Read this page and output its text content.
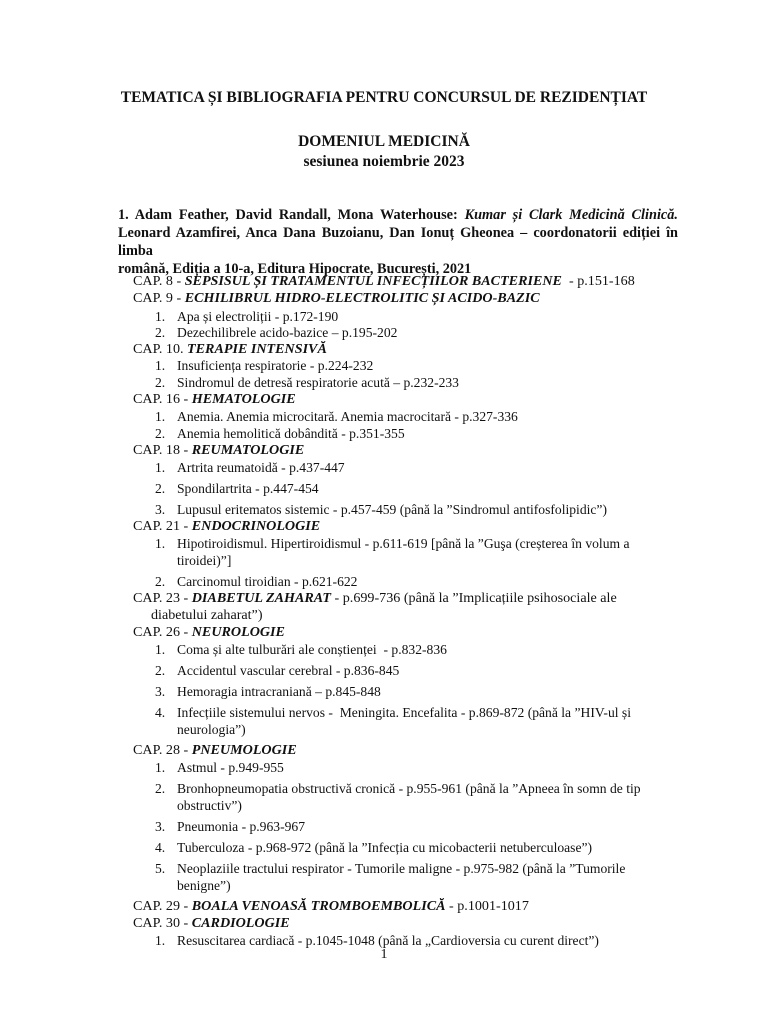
TEMATICA ȘI BIBLIOGRAFIA PENTRU CONCURSUL DE REZIDENȚIAT
DOMENIUL MEDICINĂ
sesiunea noiembrie 2023
1. Adam Feather, David Randall, Mona Waterhouse: Kumar și Clark Medicină Clinică.
Leonard Azamfirei, Anca Dana Buzoianu, Dan Ionuț Gheonea – coordonatorii ediției în limba
română, Ediția a 10-a, Editura Hipocrate, București, 2021
CAP. 8 - SEPSISUL ȘI TRATAMENTUL INFECȚIILOR BACTERIENE  - p.151-168
CAP. 9 - ECHILIBRUL HIDRO-ELECTROLITIC ȘI ACIDO-BAZIC
1. Apa și electroliții - p.172-190
2. Dezechilibrele acido-bazice – p.195-202
CAP. 10. TERAPIE INTENSIVĂ
1. Insuficiența respiratorie - p.224-232
2. Sindromul de detresă respiratorie acută – p.232-233
CAP. 16 - HEMATOLOGIE
1. Anemia. Anemia microcitară. Anemia macrocitară - p.327-336
2. Anemia hemolitică dobândită - p.351-355
CAP. 18 - REUMATOLOGIE
1. Artrita reumatoidă - p.437-447
2. Spondilartrita - p.447-454
3. Lupusul eritematos sistemic - p.457-459 (până la ”Sindromul antifosfolipidic”)
CAP. 21 - ENDOCRINOLOGIE
1. Hipotiroidismul. Hipertiroidismul - p.611-619 [până la ”Guşa (creșterea în volum a
tiroidei)”]
2. Carcinomul tiroidian - p.621-622
CAP. 23 - DIABETUL ZAHARAT - p.699-736 (până la ”Implicațiile psihosociale ale
diabetului zaharat”)
CAP. 26 - NEUROLOGIE
1. Coma și alte tulburări ale conștienței  - p.832-836
2. Accidentul vascular cerebral - p.836-845
3. Hemoragia intracraniană – p.845-848
4. Infecțiile sistemului nervos -  Meningita. Encefalita - p.869-872 (până la ”HIV-ul și
neurologia”)
CAP. 28 - PNEUMOLOGIE
1. Astmul - p.949-955
2. Bronhopneumopatia obstructivă cronică - p.955-961 (până la ”Apneea în somn de tip
obstructiv”)
3. Pneumonia - p.963-967
4. Tuberculoza - p.968-972 (până la ”Infecția cu micobacterii netuberculoase”)
5. Neoplaziile tractului respirator - Tumorile maligne - p.975-982 (până la ”Tumorile
benigne”)
CAP. 29 - BOALA VENOASĂ TROMBOEMBOLICĂ - p.1001-1017
CAP. 30 - CARDIOLOGIE
1. Resuscitarea cardiacă - p.1045-1048 (până la „Cardioversia cu curent direct”)
1
